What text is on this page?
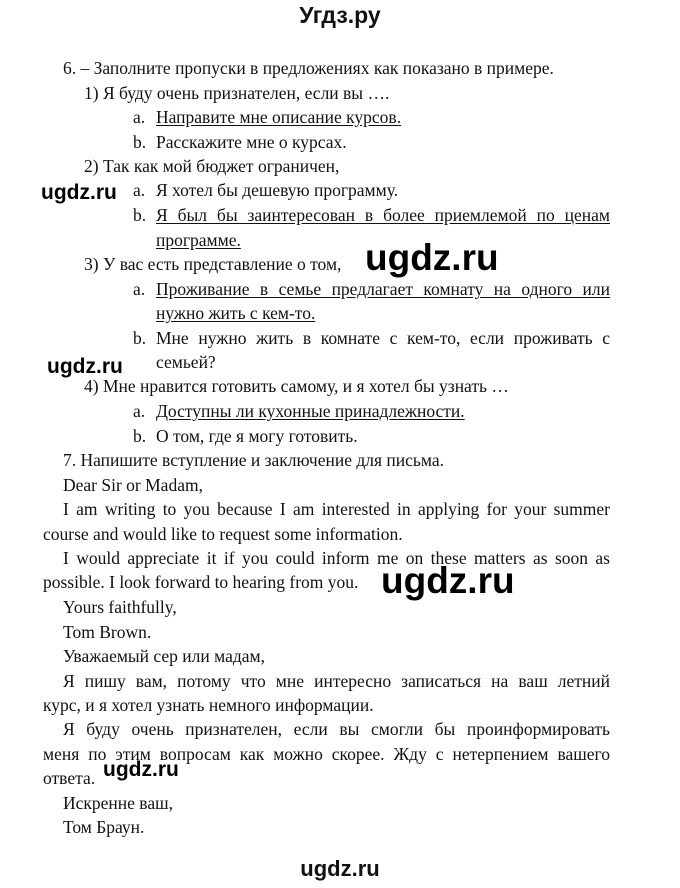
Угдз.ру
6. – Заполните пропуски в предложениях как показано в примере.
1) Я буду очень признателен, если вы ….
a. Направите мне описание курсов.
b. Расскажите мне о курсах.
2) Так как мой бюджет ограничен,
a. Я хотел бы дешевую программу.
b. Я был бы заинтересован в более приемлемой по ценам
программе.
3) У вас есть представление о том,
a. Проживание в семье предлагает комнату на одного или
нужно жить с кем-то.
b. Мне нужно жить в комнате с кем-то, если проживать с
семьей?
4) Мне нравится готовить самому, и я хотел бы узнать …
a. Доступны ли кухонные принадлежности.
b. О том, где я могу готовить.
7. Напишите вступление и заключение для письма.
Dear Sir or Madam,
I am writing to you because I am interested in applying for your summer
course and would like to request some information.
I would appreciate it if you could inform me on these matters as soon as
possible. I look forward to hearing from you.
Yours faithfully,
Tom Brown.
Уважаемый сер или мадам,
Я пишу вам, потому что мне интересно записаться на ваш летний
курс, и я хотел узнать немного информации.
Я буду очень признателен, если вы смогли бы проинформировать
меня по этим вопросам как можно скорее. Жду с нетерпением вашего
ответа.
Искренне ваш,
Том Браун.
ugdz.ru
ugdz.ru
ugdz.ru
ugdz.ru
ugdz.ru
ugdz.ru
